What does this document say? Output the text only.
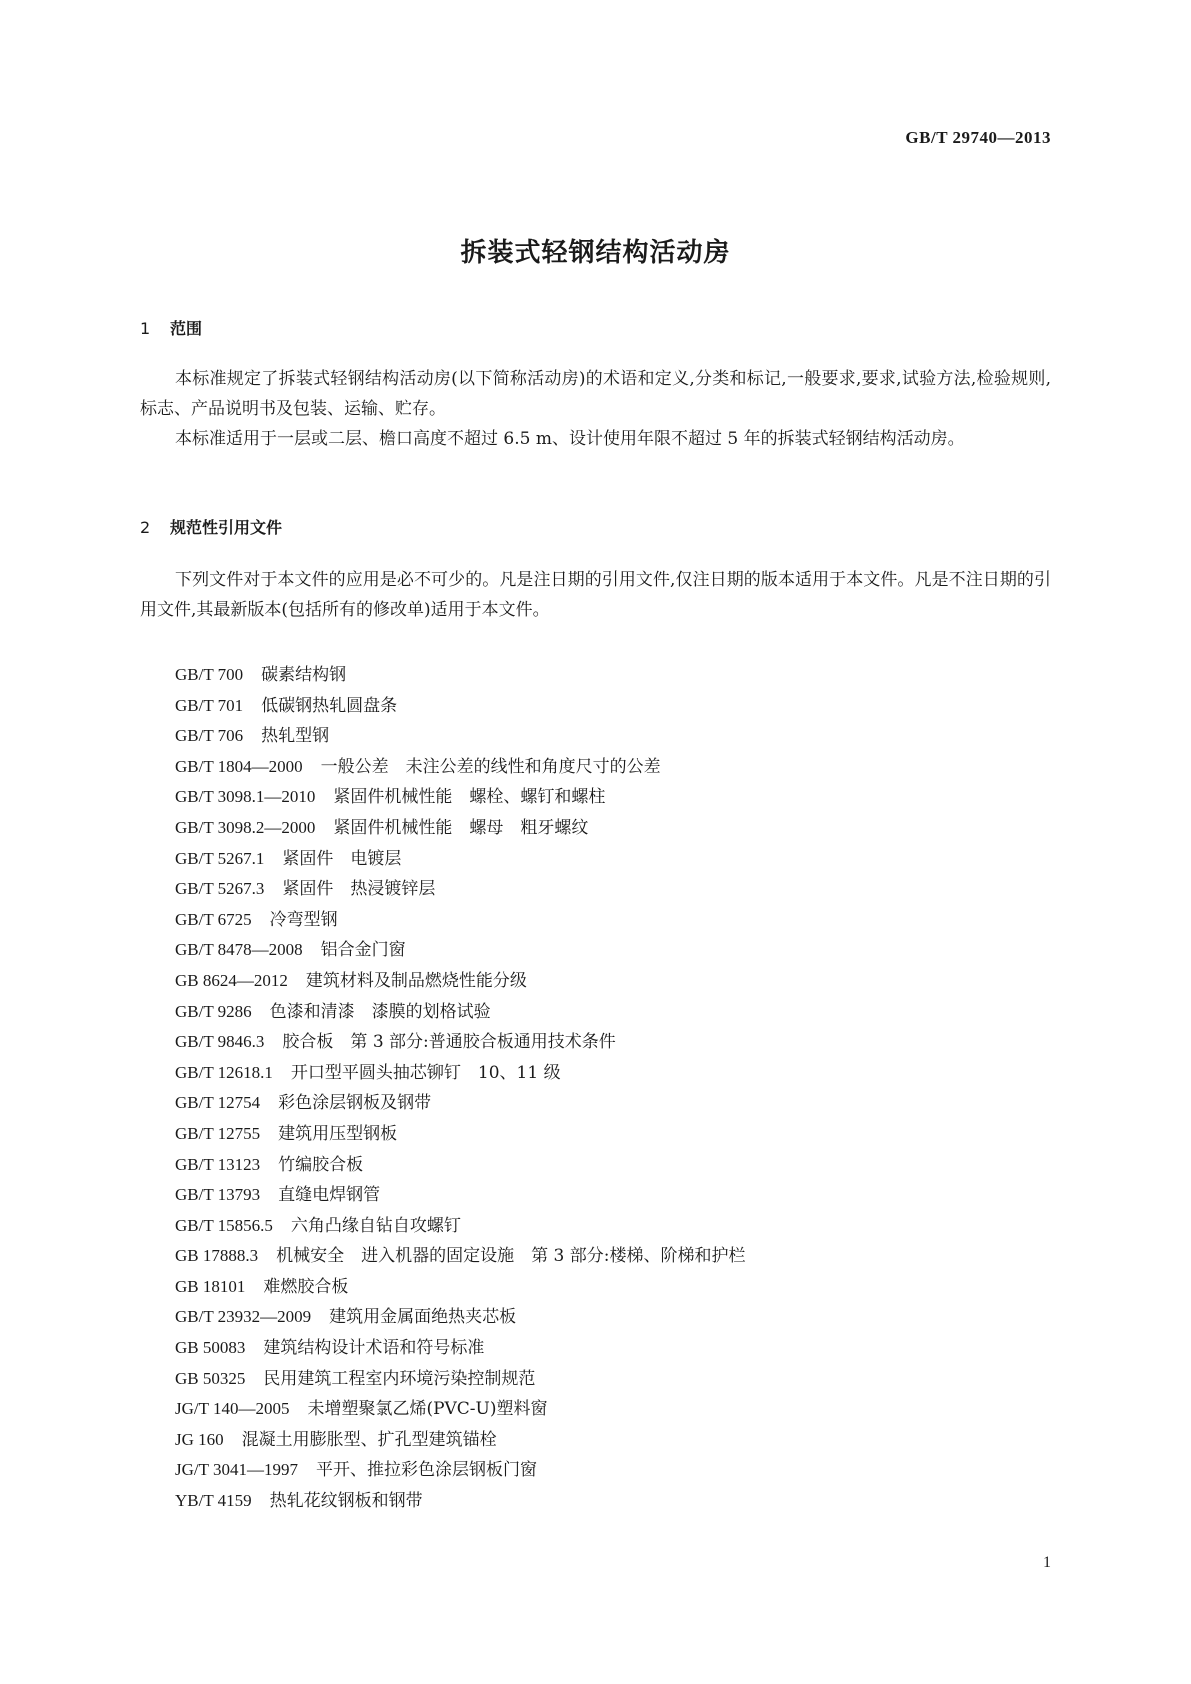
GB/T 29740—2013
拆装式轻钢结构活动房
1 范围

本标准规定了拆装式轻钢结构活动房(以下简称活动房)的术语和定义,分类和标记,一般要求,要求,试验方法,检验规则,标志、产品说明书及包装、运输、贮存。

本标准适用于一层或二层、檐口高度不超过 6.5 m、设计使用年限不超过 5 年的拆装式轻钢结构活动房。

2 规范性引用文件

下列文件对于本文件的应用是必不可少的。凡是注日期的引用文件,仅注日期的版本适用于本文件。凡是不注日期的引用文件,其最新版本(包括所有的修改单)适用于本文件。

GB/T 700 碳素结构钢
GB/T 701 低碳钢热轧圆盘条
GB/T 706 热轧型钢
GB/T 1804—2000 一般公差　未注公差的线性和角度尺寸的公差
GB/T 3098.1—2010 紧固件机械性能　螺栓、螺钉和螺柱
GB/T 3098.2—2000 紧固件机械性能　螺母　粗牙螺纹
GB/T 5267.1 紧固件　电镀层
GB/T 5267.3 紧固件　热浸镀锌层
GB/T 6725 冷弯型钢
GB/T 8478—2008 铝合金门窗
GB 8624—2012 建筑材料及制品燃烧性能分级
GB/T 9286 色漆和清漆　漆膜的划格试验
GB/T 9846.3 胶合板　第 3 部分:普通胶合板通用技术条件
GB/T 12618.1 开口型平圆头抽芯铆钉　10、11 级
GB/T 12754 彩色涂层钢板及钢带
GB/T 12755 建筑用压型钢板
GB/T 13123 竹编胶合板
GB/T 13793 直缝电焊钢管
GB/T 15856.5 六角凸缘自钻自攻螺钉
GB 17888.3 机械安全　进入机器的固定设施　第 3 部分:楼梯、阶梯和护栏
GB 18101 难燃胶合板
GB/T 23932—2009 建筑用金属面绝热夹芯板
GB 50083 建筑结构设计术语和符号标准
GB 50325 民用建筑工程室内环境污染控制规范
JG/T 140—2005 未增塑聚氯乙烯(PVC-U)塑料窗
JG 160 混凝土用膨胀型、扩孔型建筑锚栓
JG/T 3041—1997 平开、推拉彩色涂层钢板门窗
YB/T 4159 热轧花纹钢板和钢带
1
